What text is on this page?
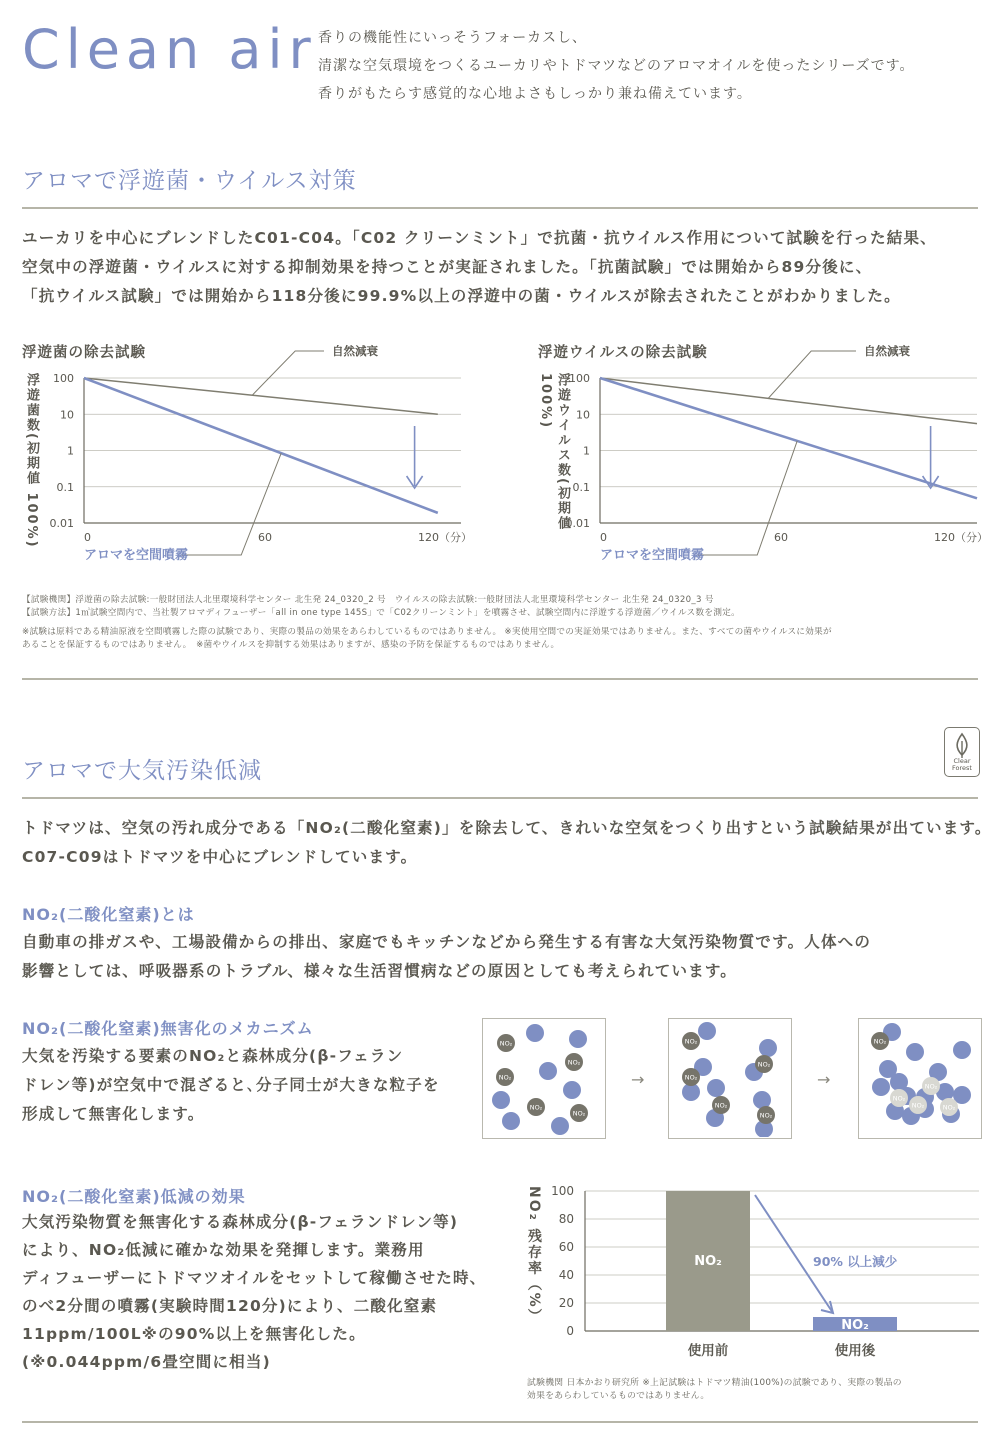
Clean air 香りの機能性にいっそうフォーカスし、
清潔な空気環境をつくるユーカリやトドマツなどのアロマオイルを使ったシリーズです。
香りがもたらす感覚的な心地よさもしっかり兼ね備えています。
アロマで浮遊菌・ウイルス対策
ユーカリを中心にブレンドしたC01-C04。「C02 クリーンミント」で抗菌・抗ウイルス作用について試験を行った結果、
空気中の浮遊菌・ウイルスに対する抑制効果を持つことが実証されました。「抗菌試験」では開始から89分後に、
「抗ウイルス試験」では開始から118分後に99.9%以上の浮遊中の菌・ウイルスが除去されたことがわかりました。
浮遊菌の除去試験
浮遊菌数(初期値 100%) 100
10
1
0.1
0.01
0	60	120（分）
自然減衰
アロマを空間噴霧
浮遊ウイルスの除去試験
浮遊ウイルス数(初期値 100%)	100
10
1
0.1
0.01
0	60	120（分）
自然減衰
アロマを空間噴霧
【試験機関】浮遊菌の除去試験:一般財団法人北里環境科学センター 北生発 24_0320_2 号　ウイルスの除去試験:一般財団法人北里環境科学センター 北生発 24_0320_3 号
【試験方法】1㎥試験空間内で、当社製アロマディフューザー「all in one type 145S」で「C02クリーンミント」を噴霧させ、試験空間内に浮遊する浮遊菌／ウイルス数を測定。
※試験は原料である精油原液を空間噴霧した際の試験であり、実際の製品の効果をあらわしているものではありません。 ※実使用空間での実証効果ではありません。また、すべての菌やウイルスに効果が
あることを保証するものではありません。　※菌やウイルスを抑制する効果はありますが、感染の予防を保証するものではありません。
アロマで大気汚染低減	Clear
Forest
トドマツは、空気の汚れ成分である「NO₂(二酸化窒素)」を除去して、きれいな空気をつくり出すという試験結果が出ています。
C07-C09はトドマツを中心にブレンドしています。
NO₂(二酸化窒素)とは
自動車の排ガスや、工場設備からの排出、家庭でもキッチンなどから発生する有害な大気汚染物質です。人体への
影響としては、呼吸器系のトラブル、様々な生活習慣病などの原因としても考えられています。
NO₂(二酸化窒素)無害化のメカニズム
大気を汚染する要素のNO₂と森林成分(β-フェラン
ドレン等)が空気中で混ざると､分子同士が大きな粒子を
形成して無害化します。
NO₂
NO₂
NO₂
NO₂
NO₂
→
NO₂
NO₂
NO₂
NO₂
NO₂
→
NO₂
NO₂
NO₂
NO₂	NO₂
NO₂(二酸化窒素)低減の効果
大気汚染物質を無害化する森林成分(β-フェランドレン等)
により、NO₂低減に確かな効果を発揮します。業務用
ディフューザーにトドマツオイルをセットして稼働させた時、
のべ2分間の噴霧(実験時間120分)により、二酸化窒素
11ppm/100L※の90%以上を無害化した。
(※0.044ppm/6畳空間に相当)
NO₂ 残存率（%） 100
80
60
40
20
0
NO₂
使用前
NO₂
使用後
90% 以上減少
試験機関 日本かおり研究所 ※上記試験はトドマツ精油(100%)の試験であり、実際の製品の
効果をあらわしているものではありません。
